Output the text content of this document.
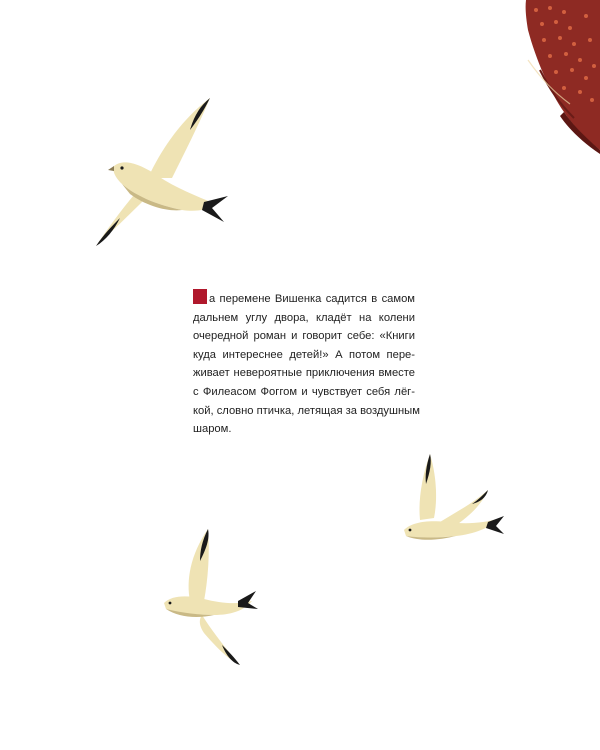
а перемене Вишенка садится в самом
дальнем углу двора, кладёт на колени
очередной роман и говорит себе: «Книги
куда интереснее детей!» А потом пере-
живает невероятные приключения вместе
с Филеасом Фоггом и чувствует себя лёг-
кой, словно птичка, летящая за воздушным
шаром.
